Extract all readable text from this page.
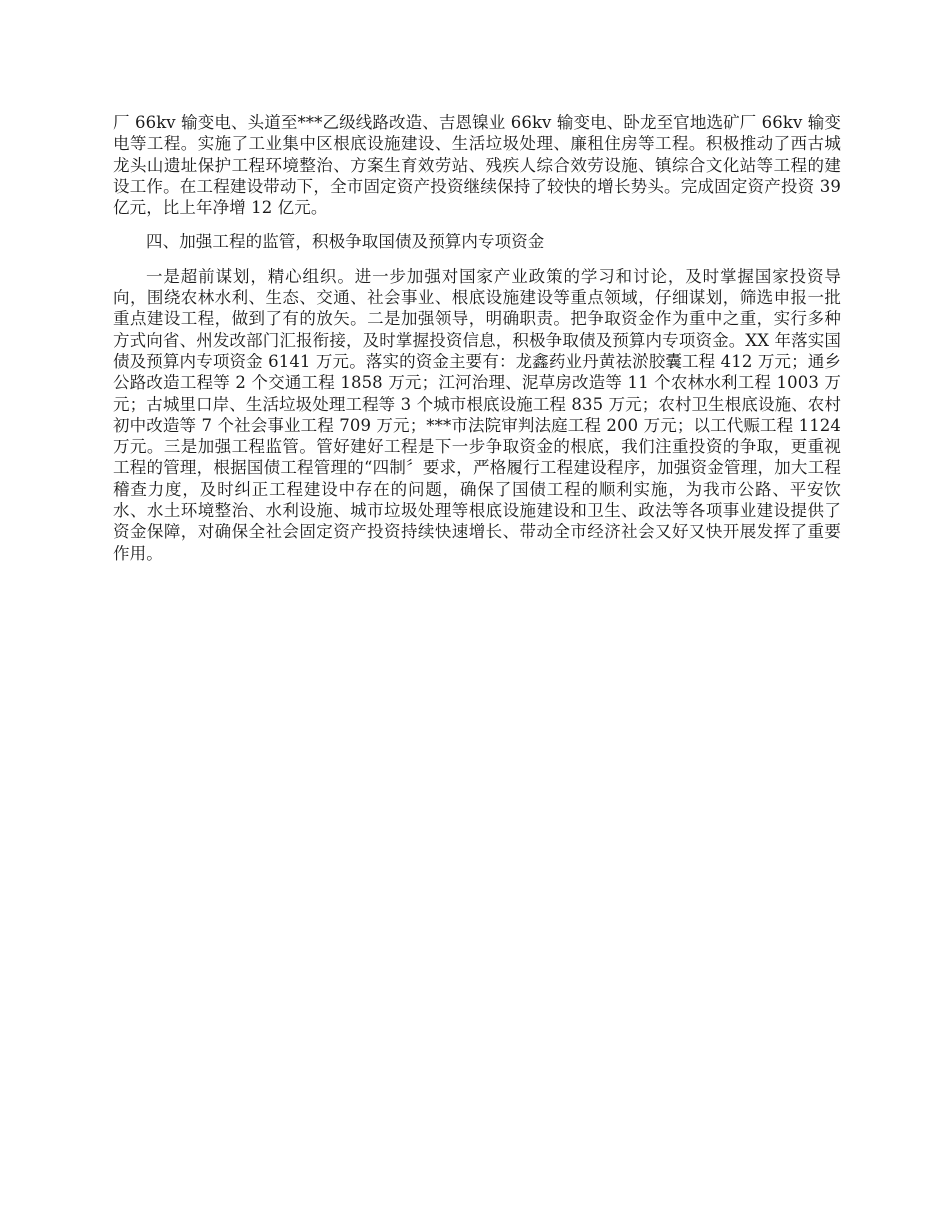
厂 66kv 输变电、头道至***乙级线路改造、吉恩镍业 66kv 输变电、卧龙至官地选矿厂 66kv 输变电等工程。实施了工业集中区根底设施建设、生活垃圾处理、廉租住房等工程。积极推动了西古城龙头山遗址保护工程环境整治、方案生育效劳站、残疾人综合效劳设施、镇综合文化站等工程的建设工作。在工程建设带动下，全市固定资产投资继续保持了较快的增长势头。完成固定资产投资 39 亿元，比上年净增 12 亿元。

四、加强工程的监管，积极争取国债及预算内专项资金

一是超前谋划，精心组织。进一步加强对国家产业政策的学习和讨论，及时掌握国家投资导向，围绕农林水利、生态、交通、社会事业、根底设施建设等重点领域，仔细谋划，筛选申报一批重点建设工程，做到了有的放矢。二是加强领导，明确职责。把争取资金作为重中之重，实行多种方式向省、州发改部门汇报衔接，及时掌握投资信息，积极争取债及预算内专项资金。XX 年落实国债及预算内专项资金 6141 万元。落实的资金主要有：龙鑫药业丹黄祛淤胶囊工程 412 万元；通乡公路改造工程等 2 个交通工程 1858 万元；江河治理、泥草房改造等 11 个农林水利工程 1003 万元；古城里口岸、生活垃圾处理工程等 3 个城市根底设施工程 835 万元；农村卫生根底设施、农村初中改造等 7 个社会事业工程 709 万元；***市法院审判法庭工程 200 万元；以工代赈工程 1124 万元。三是加强工程监管。管好建好工程是下一步争取资金的根底，我们注重投资的争取，更重视工程的管理，根据国债工程管理的“四制〞要求，严格履行工程建设程序，加强资金管理，加大工程稽查力度，及时纠正工程建设中存在的问题，确保了国债工程的顺利实施，为我市公路、平安饮水、水土环境整治、水利设施、城市垃圾处理等根底设施建设和卫生、政法等各项事业建设提供了资金保障，对确保全社会固定资产投资持续快速增长、带动全市经济社会又好又快开展发挥了重要作用。
